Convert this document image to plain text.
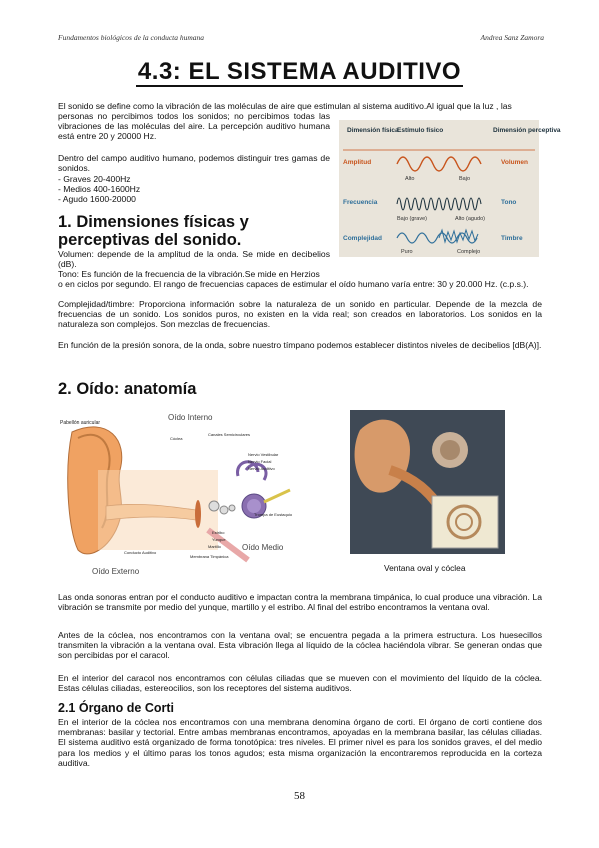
Fundamentos biológicos de la conducta humana	Andrea Sanz Zamora
4.3: EL SISTEMA AUDITIVO
El sonido se define como la vibración de las moléculas de aire que estimulan al sistema auditivo.Al igual que la luz , las
personas no percibimos todos los sonidos; no percibimos todas las vibraciones de las moléculas del aire. La percepción auditivo humana está entre 20 y 20000 Hz.
Dentro del campo auditivo humano, podemos distinguir tres gamas de sonidos.
- Graves 20-400Hz
- Medios 400-1600Hz
- Agudo 1600-20000
Dimensión física
Estímulo físico	Dimensión perceptiva
Amplitud	Volumen
Alto	Bajo
Frecuencia	Tono
Bajo (grave)	Alto (agudo)
Complejidad	Timbre
Puro	Complejo
1. Dimensiones físicas y
perceptivas del sonido.
Volumen: depende de la amplitud de la onda. Se mide en decibelios (dB).
Tono: Es función de la frecuencia de la vibración.Se mide en Herzios
o en ciclos por segundo. El rango de frecuencias capaces de estimular el oído humano varía entre: 30 y 20.000 Hz. (c.p.s.).
Complejidad/timbre: Proporciona información sobre la naturaleza de un sonido en particular. Depende de la mezcla de frecuencias de un sonido. Los sonidos puros, no existen en la vida real; son creados en laboratorios. Los sonidos en la naturaleza son complejos. Son mezclas de frecuencias.
En función de la presión sonora, de la onda, sobre nuestro tímpano podemos establecer distintos niveles de decibelios [dB(A)].
2. Oído: anatomía
Pabellón auricular
Oído Interno
Cóclea
Canales Semicirculares
Nervio Vestibular
Nervio Facial
Nervio Auditivo
Trompa de Eustaquio
Estribo
Yunque
Martillo
Membrana Timpánica
Conducto Auditivo
Oído Externo
Oído Medio
Ventana oval y cóclea
Las onda sonoras entran por el conducto auditivo e impactan contra la membrana timpánica, lo cual produce una vibración. La vibración se transmite por medio del yunque, martillo y el estribo. Al final del estribo encontramos la ventana oval.
Antes de la cóclea, nos encontramos con la ventana oval; se encuentra pegada a la primera estructura. Los huesecillos transmiten la vibración a la ventana oval. Esta vibración llega al líquido de la cóclea haciéndola vibrar. Se generan ondas que son percibidas por el caracol.
En el interior del caracol nos encontramos con células ciliadas que se mueven con el movimiento del líquido de la cóclea. Estas células ciliadas, estereocilios, son los receptores del sistema auditivos.
2.1 Órgano de Corti
En el interior de la cóclea nos encontramos con una membrana denomina órgano de corti. El órgano de corti contiene dos membranas: basilar y tectorial. Entre ambas membranas encontramos, apoyadas en la membrana basilar, las células ciliadas. El sistema auditivo está organizado de forma tonotópica: tres niveles. El primer nivel es para los sonidos graves, el del medio para los medios y el último paras los tonos agudos; esta misma organización la encontraremos reproducida en la corteza auditiva.
58
